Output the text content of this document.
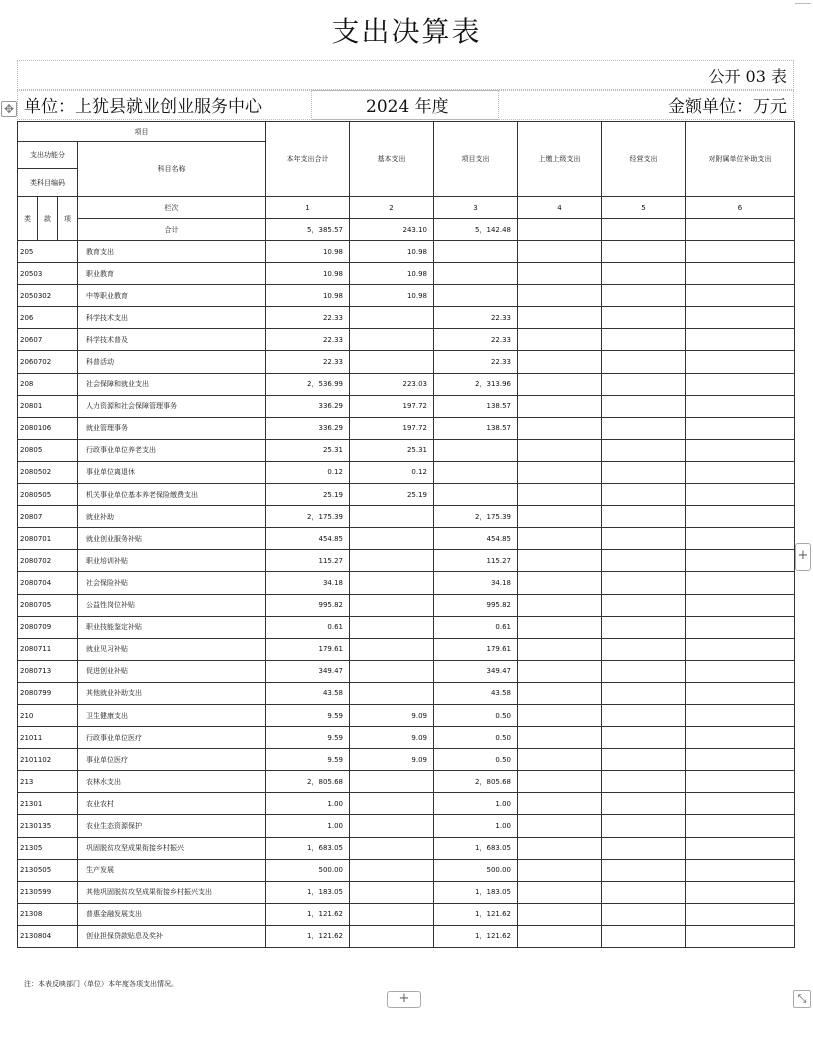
支出决算表
公开 03 表
单位：上犹县就业创业服务中心	2024 年度	金额单位：万元
✥
项目				本年支出合计	基本支出	项目支出	上缴上级支出	经营支出	对附属单位补助支出
支出功能分			科目名称						
类科目编码									
类	款	项	栏次	1	2	3	4	5	6
			合计	5，385.57	243.10	5，142.48			
205			教育支出	10.98	10.98				
20503			职业教育	10.98	10.98				
2050302			中等职业教育	10.98	10.98				
206			科学技术支出	22.33		22.33			
20607			科学技术普及	22.33		22.33			
2060702			科普活动	22.33		22.33			
208			社会保障和就业支出	2，536.99	223.03	2，313.96			
20801			人力资源和社会保障管理事务	336.29	197.72	138.57			
2080106			就业管理事务	336.29	197.72	138.57			
20805			行政事业单位养老支出	25.31	25.31				
2080502			事业单位离退休	0.12	0.12				
2080505			机关事业单位基本养老保险缴费支出	25.19	25.19				
20807			就业补助	2，175.39		2，175.39			
2080701			就业创业服务补贴	454.85		454.85			
2080702			职业培训补贴	115.27		115.27			
2080704			社会保险补贴	34.18		34.18			
2080705			公益性岗位补贴	995.82		995.82			
2080709			职业技能鉴定补贴	0.61		0.61			
2080711			就业见习补贴	179.61		179.61			
2080713			促进创业补贴	349.47		349.47			
2080799			其他就业补助支出	43.58		43.58			
210			卫生健康支出	9.59	9.09	0.50			
21011			行政事业单位医疗	9.59	9.09	0.50			
2101102			事业单位医疗	9.59	9.09	0.50			
213			农林水支出	2，805.68		2，805.68			
21301			农业农村	1.00		1.00			
2130135			农业生态资源保护	1.00		1.00			
21305			巩固脱贫攻坚成果衔接乡村振兴	1，683.05		1，683.05			
2130505			生产发展	500.00		500.00			
2130599			其他巩固脱贫攻坚成果衔接乡村振兴支出	1，183.05		1，183.05			
21308			普惠金融发展支出	1，121.62		1，121.62			
2130804			创业担保贷款贴息及奖补	1，121.62		1，121.62			
注：本表反映部门（单位）本年度各项支出情况。
+
+	⤡
